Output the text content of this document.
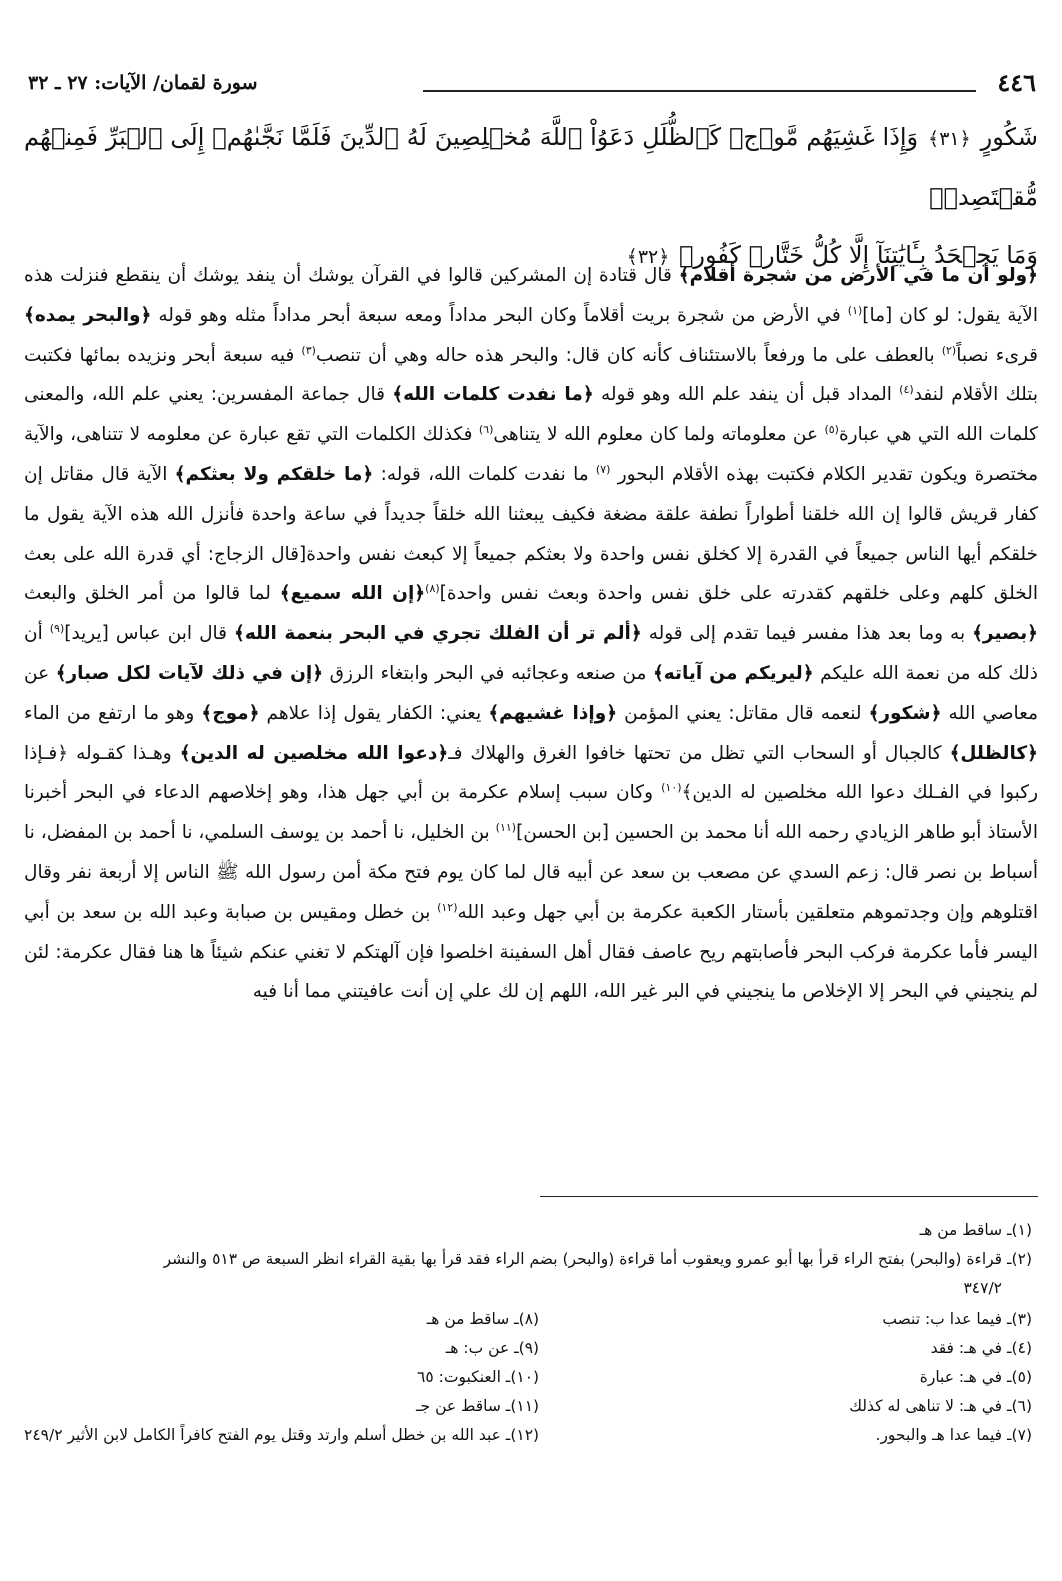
٤٤٦
سورة لقمان/ الآيات: ٢٧ ـ ٣٢
شَكُورٍ ﴿٣١﴾ وَإِذَا غَشِيَهُم مَّوۡجٞ كَٱلظُّلَلِ دَعَوُاْ ٱللَّهَ مُخۡلِصِينَ لَهُ ٱلدِّينَ فَلَمَّا نَجَّىٰهُمۡ إِلَى ٱلۡبَرِّ فَمِنۡهُم مُّقۡتَصِدٞۚ
وَمَا يَجۡحَدُ بِـَٔايَٰتِنَآ إِلَّا كُلُّ خَتَّارٖ كَفُورٖ ﴿٣٢﴾
﴿ولو أن ما في الأرض من شجرة أقلام﴾ قال قتادة إن المشركين قالوا في القرآن يوشك أن ينفد يوشك أن ينقطع فنزلت هذه الآية يقول: لو كان [ما]$^{(١)}$ في الأرض من شجرة بريت أقلاماً وكان البحر مداداً ومعه سبعة أبحر مداداً مثله وهو قوله ﴿والبحر يمده﴾ قرىء نصباً$^{(٢)}$ بالعطف على ما ورفعاً بالاستئناف كأنه كان قال: والبحر هذه حاله وهي أن تنصب$^{(٣)}$ فيه سبعة أبحر ونزيده بمائها فكتبت بتلك الأقلام لنفد$^{(٤)}$ المداد قبل أن ينفد علم الله وهو قوله ﴿ما نفدت كلمات الله﴾ قال جماعة المفسرين: يعني علم الله، والمعنى كلمات الله التي هي عبارة$^{(٥)}$ عن معلوماته ولما كان معلوم الله لا يتناهى$^{(٦)}$ فكذلك الكلمات التي تقع عبارة عن معلومه لا تتناهى، والآية مختصرة ويكون تقدير الكلام فكتبت بهذه الأقلام البحور $^{(٧)}$ ما نفدت كلمات الله، قوله: ﴿ما خلقكم ولا بعثكم﴾ الآية قال مقاتل إن كفار قريش قالوا إن الله خلقنا أطواراً نطفة علقة مضغة فكيف يبعثنا الله خلقاً جديداً في ساعة واحدة فأنزل الله هذه الآية يقول ما خلقكم أيها الناس جميعاً في القدرة إلا كخلق نفس واحدة ولا بعثكم جميعاً إلا كبعث نفس واحدة[قال الزجاج: أي قدرة الله على بعث الخلق كلهم وعلى خلقهم كقدرته على خلق نفس واحدة وبعث نفس واحدة]$^{(٨)}$﴿إن الله سميع﴾ لما قالوا من أمر الخلق والبعث ﴿بصير﴾ به وما بعد هذا مفسر فيما تقدم إلى قوله ﴿ألم تر أن الفلك تجري في البحر بنعمة الله﴾ قال ابن عباس [يريد]$^{(٩)}$ أن ذلك كله من نعمة الله عليكم ﴿ليريكم من آياته﴾ من صنعه وعجائبه في البحر وابتغاء الرزق ﴿إن في ذلك لآيات لكل صبار﴾ عن معاصي الله ﴿شكور﴾ لنعمه قال مقاتل: يعني المؤمن ﴿وإذا غشيهم﴾ يعني: الكفار يقول إذا علاهم ﴿موج﴾ وهو ما ارتفع من الماء ﴿كالظلل﴾ كالجبال أو السحاب التي تظل من تحتها خافوا الغرق والهلاك فـ﴿دعوا الله مخلصين له الدين﴾ وهـذا كقـوله ﴿فـإذا ركبوا في الفـلك دعوا الله مخلصين له الدين﴾$^{(١٠)}$ وكان سبب إسلام عكرمة بن أبي جهل هذا، وهو إخلاصهم الدعاء في البحر أخبرنا الأستاذ أبو طاهر الزيادي رحمه الله أنا محمد بن الحسين [بن الحسن]$^{(١١)}$ بن الخليل، نا أحمد بن يوسف السلمي، نا أحمد بن المفضل، نا أسباط بن نصر قال: زعم السدي عن مصعب بن سعد عن أبيه قال لما كان يوم فتح مكة أمن رسول الله ﷺ الناس إلا أربعة نفر وقال اقتلوهم وإن وجدتموهم متعلقين بأستار الكعبة عكرمة بن أبي جهل وعبد الله$^{(١٢)}$ بن خطل ومقيس بن صبابة وعبد الله بن سعد بن أبي اليسر فأما عكرمة فركب البحر فأصابتهم ريح عاصف فقال أهل السفينة اخلصوا فإن آلهتكم لا تغني عنكم شيئاً ها هنا فقال عكرمة: لئن لم ينجيني في البحر إلا الإخلاص ما ينجيني في البر غير الله، اللهم إن لك علي إن أنت عافيتني مما أنا فيه
(١)ـ ساقط من هـ
(٢)ـ قراءة (والبحر) بفتح الراء قرأ بها أبو عمرو ويعقوب أما قراءة (والبحر) بضم الراء فقد قرأ بها بقية القراء انظر السبعة ص ٥١٣ والنشر
٣٤٧/٢
(٣)ـ فيما عدا ب: تنصب
(٨)ـ ساقط من هـ
(٤)ـ في هـ: فقد
(٩)ـ عن ب: هـ
(٥)ـ في هـ: عبارة
(١٠)ـ العنكبوت: ٦٥
(٦)ـ في هـ: لا تناهى له كذلك
(١١)ـ ساقط عن جـ
(٧)ـ فيما عدا هـ والبحور.
(١٢)ـ عبد الله بن خطل أسلم وارتد وقتل يوم الفتح كافراً الكامل لابن الأثير ٢٤٩/٢
